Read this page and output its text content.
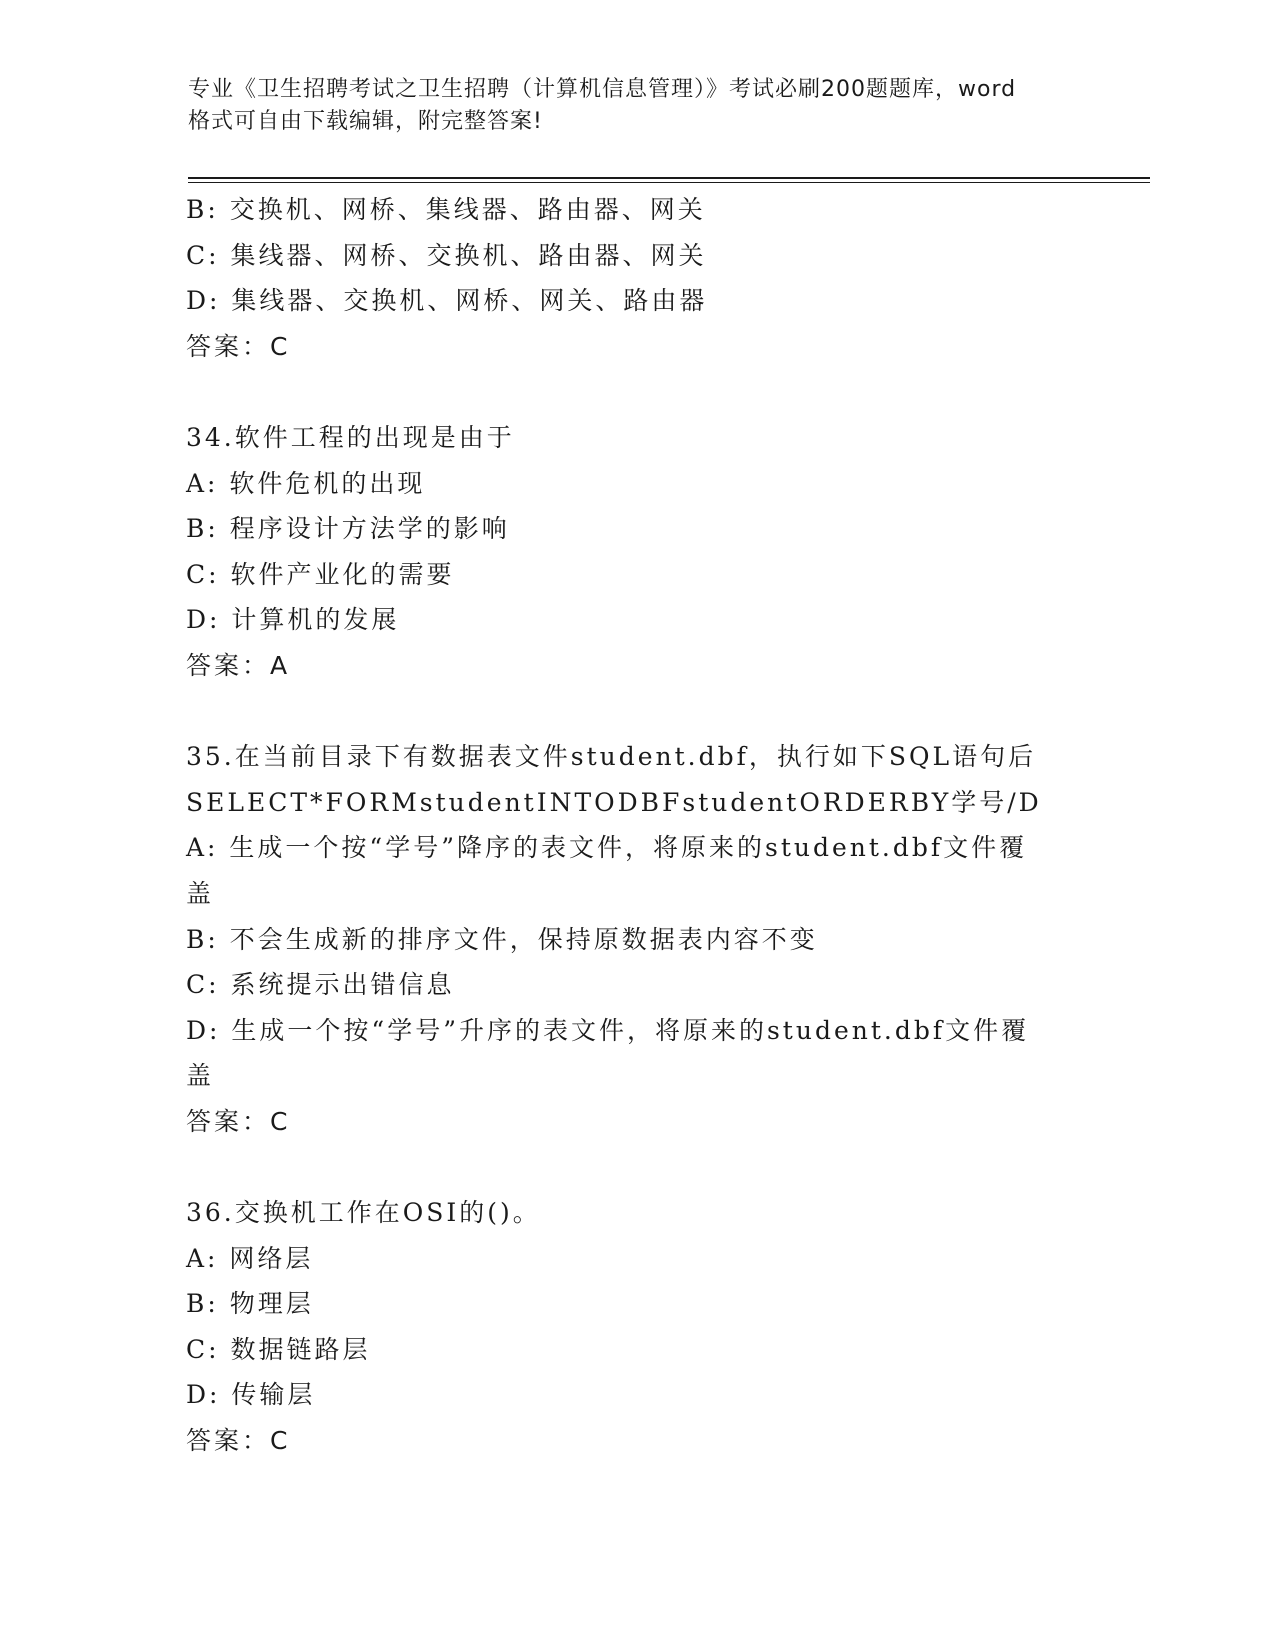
专业《卫生招聘考试之卫生招聘（计算机信息管理）》考试必刷200题题库，word
格式可自由下载编辑，附完整答案!
B: 交换机、网桥、集线器、路由器、网关
C: 集线器、网桥、交换机、路由器、网关
D: 集线器、交换机、网桥、网关、路由器
答案：C
34.软件工程的出现是由于
A: 软件危机的出现
B: 程序设计方法学的影响
C: 软件产业化的需要
D: 计算机的发展
答案：A
35.在当前目录下有数据表文件student.dbf，执行如下SQL语句后
SELECT*FORMstudentINTODBFstudentORDERBY学号/D
A: 生成一个按“学号”降序的表文件，将原来的student.dbf文件覆
盖
B: 不会生成新的排序文件，保持原数据表内容不变
C: 系统提示出错信息
D: 生成一个按“学号”升序的表文件，将原来的student.dbf文件覆
盖
答案：C
36.交换机工作在OSI的()。
A: 网络层
B: 物理层
C: 数据链路层
D: 传输层
答案：C
